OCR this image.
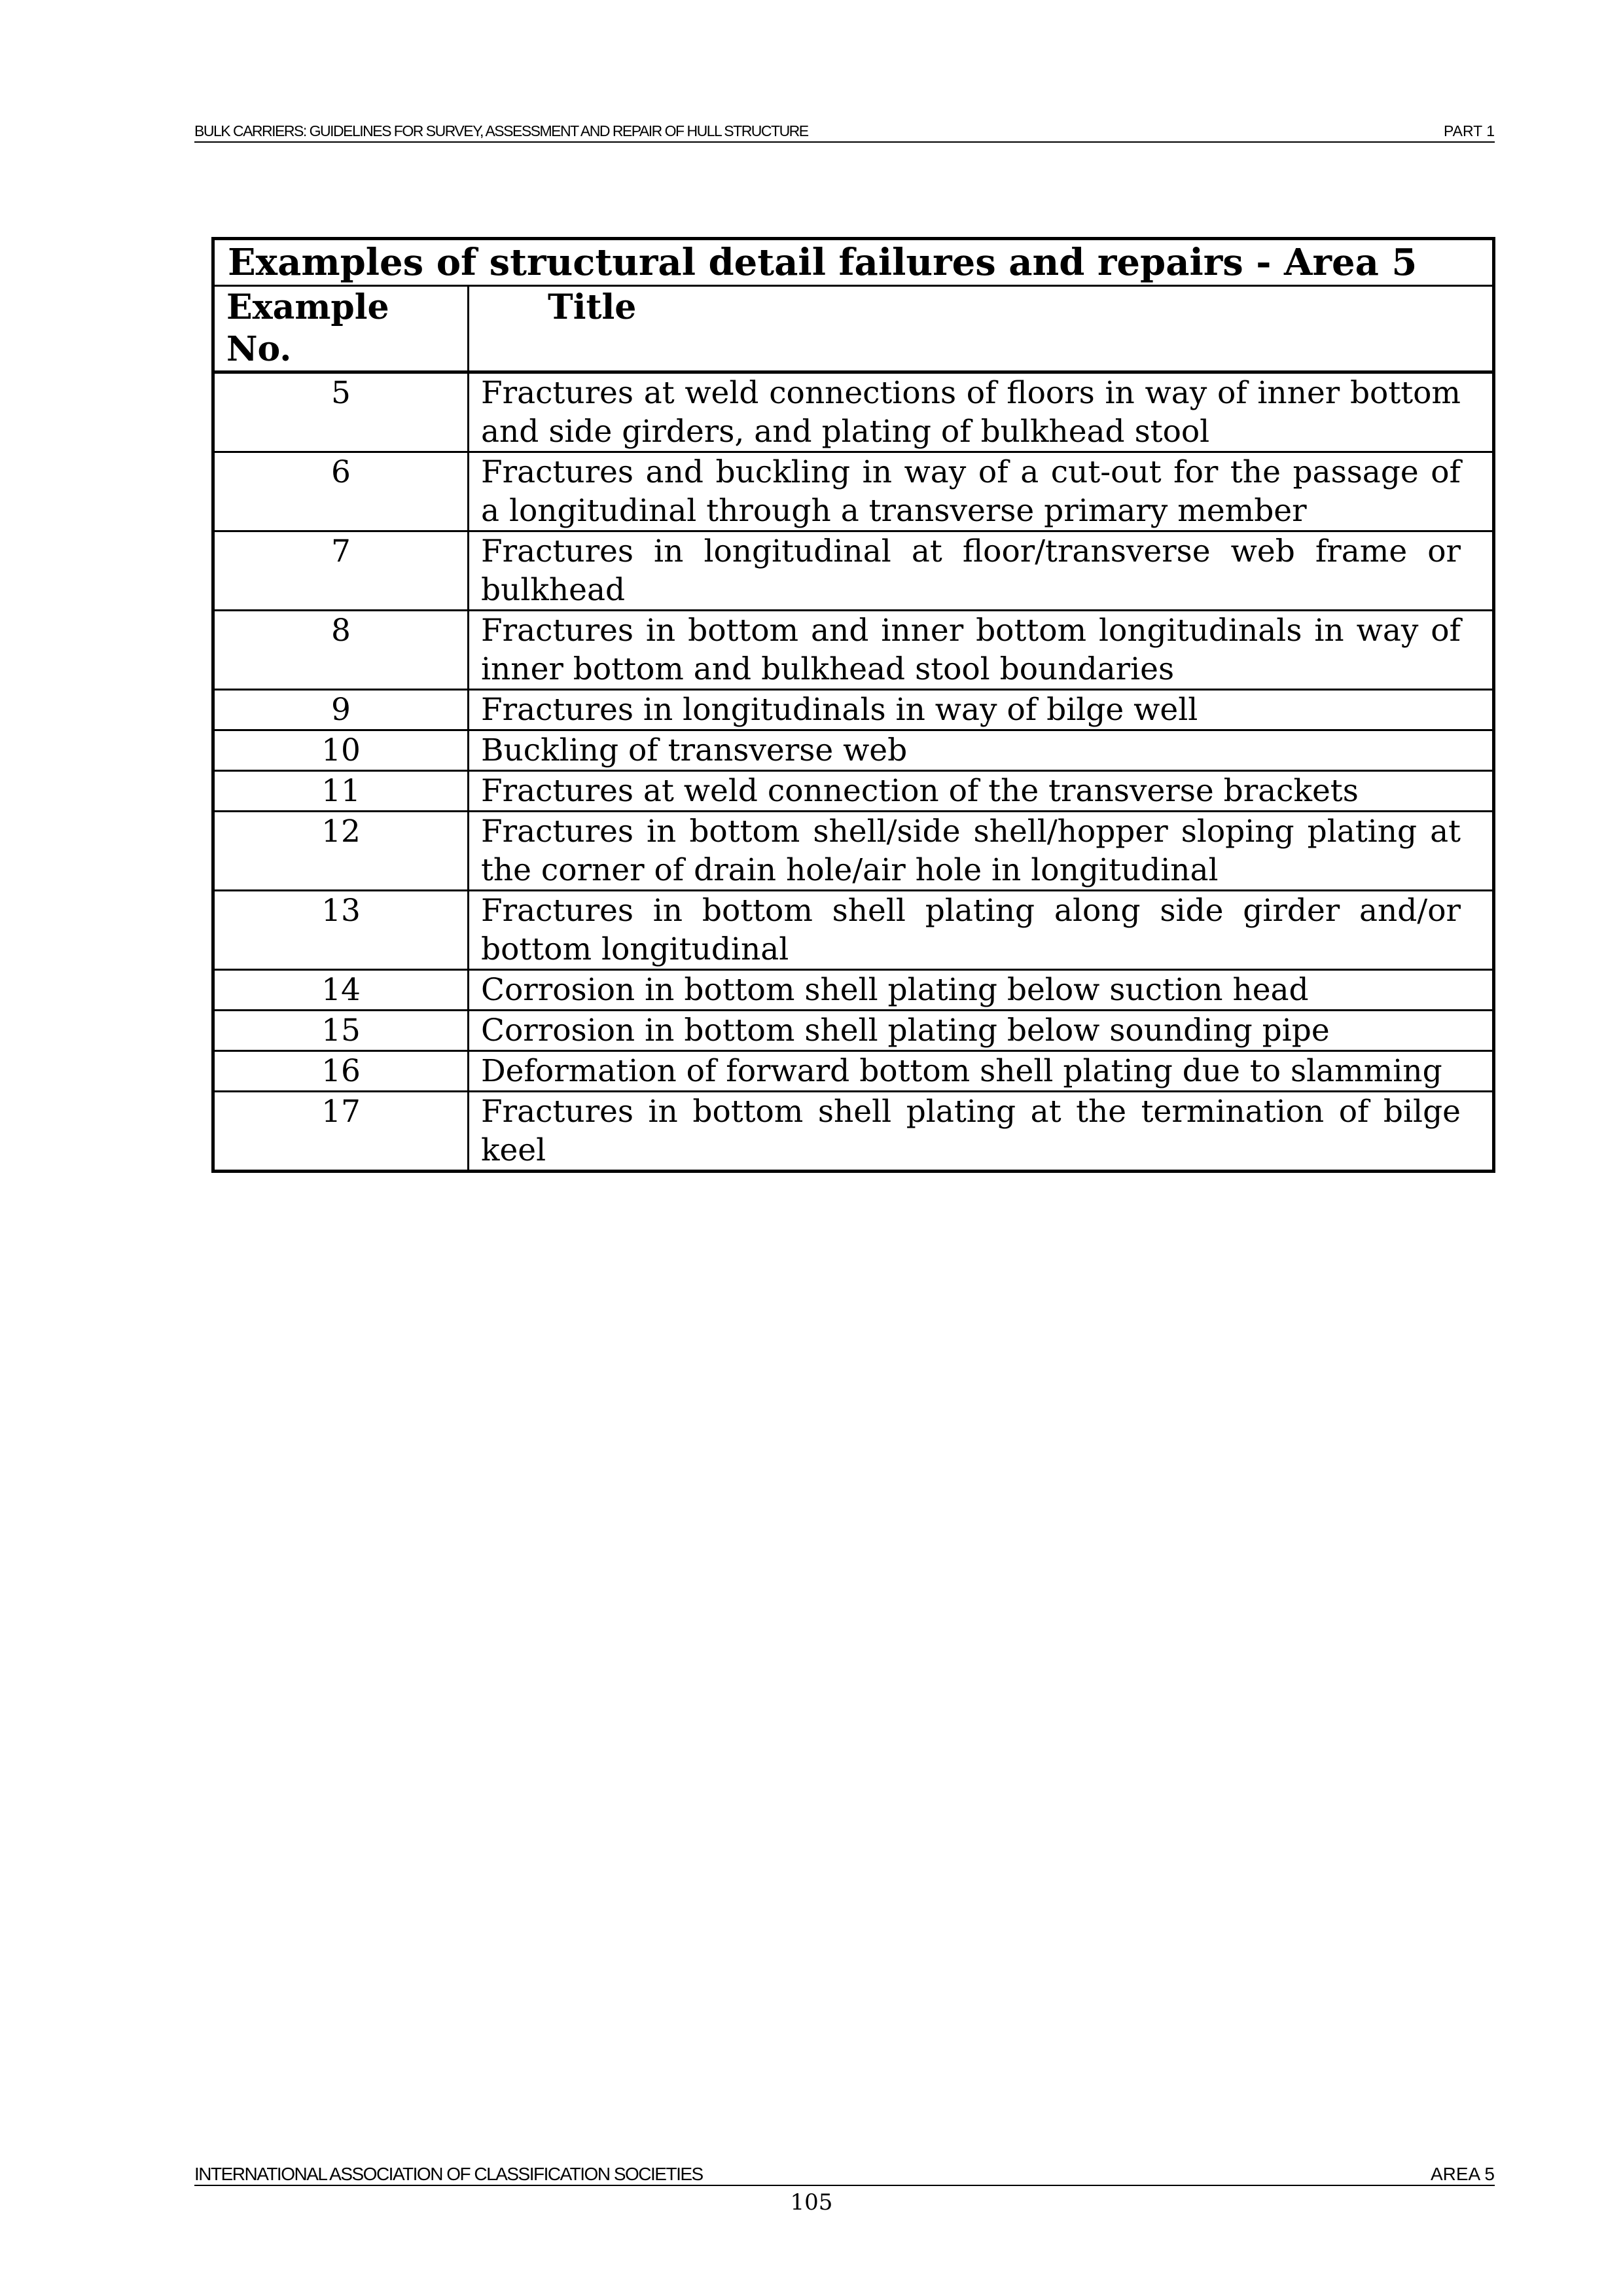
BULK CARRIERS: GUIDELINES FOR SURVEY, ASSESSMENT AND REPAIR OF HULL STRUCTURE	PART 1
Examples of structural detail failures and repairs - Area 5	
Example No.	Title
5	Fractures at weld connections of floors in way of inner bottom and side girders, and plating of bulkhead stool
6	Fractures and buckling in way of a cut-out for the passage of a longitudinal through a transverse primary member
7	Fractures in longitudinal at floor/transverse web frame or bulkhead
8	Fractures in bottom and inner bottom longitudinals in way of inner bottom and bulkhead stool boundaries
9	Fractures in longitudinals in way of bilge well
10	Buckling of transverse web
11	Fractures at weld connection of the transverse brackets
12	Fractures in bottom shell/side shell/hopper sloping plating at the corner of drain hole/air hole in longitudinal
13	Fractures in bottom shell plating along side girder and/or bottom longitudinal
14	Corrosion in bottom shell plating below suction head
15	Corrosion in bottom shell plating below sounding pipe
16	Deformation of forward bottom shell plating due to slamming
17	Fractures in bottom shell plating at the termination of bilge keel
INTERNATIONAL ASSOCIATION OF CLASSIFICATION SOCIETIES	AREA 5
105
